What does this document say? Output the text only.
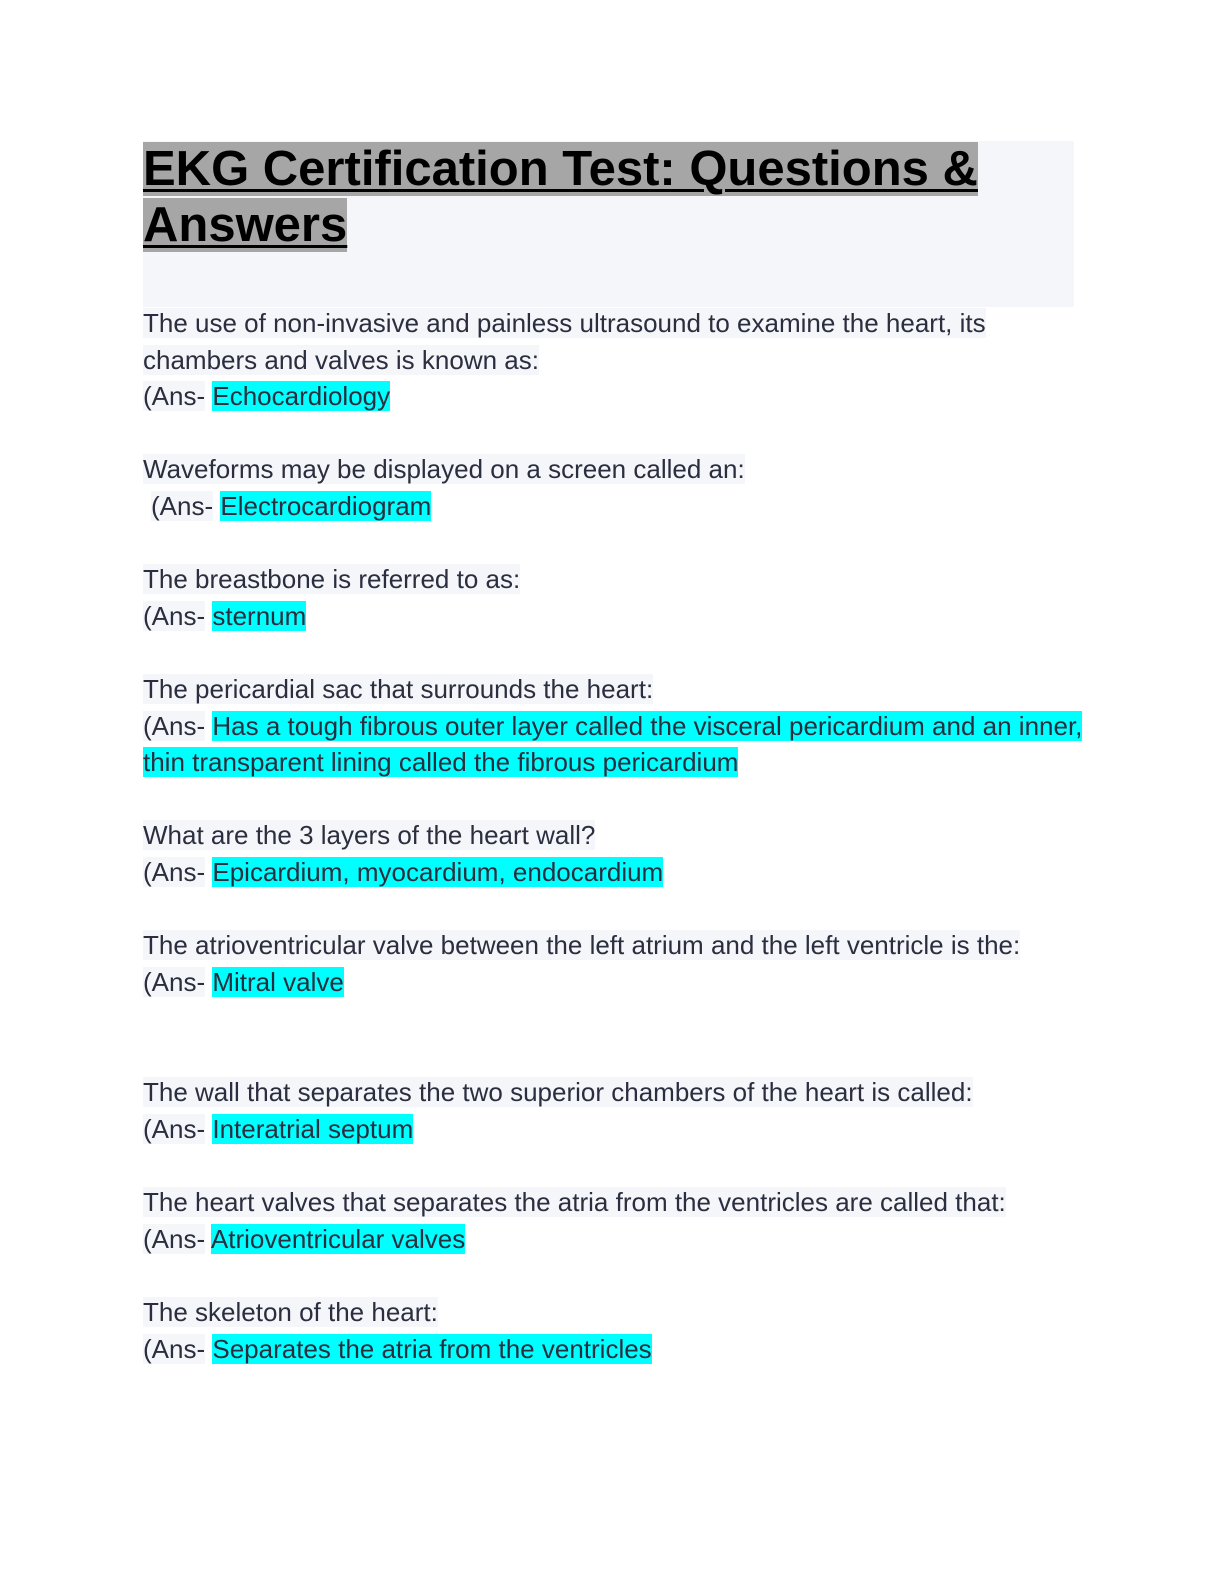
EKG Certification Test: Questions & Answers

The use of non-invasive and painless ultrasound to examine the heart, its chambers and valves is known as:

(Ans- Echocardiology

Waveforms may be displayed on a screen called an:

(Ans- Electrocardiogram

The breastbone is referred to as:

(Ans- sternum

The pericardial sac that surrounds the heart:

(Ans- Has a tough fibrous outer layer called the visceral pericardium and an inner, thin transparent lining called the fibrous pericardium

What are the 3 layers of the heart wall?

(Ans- Epicardium, myocardium, endocardium

The atrioventricular valve between the left atrium and the left ventricle is the:

(Ans- Mitral valve

The wall that separates the two superior chambers of the heart is called:

(Ans- Interatrial septum

The heart valves that separates the atria from the ventricles are called that:

(Ans- Atrioventricular valves

The skeleton of the heart:

(Ans- Separates the atria from the ventricles
